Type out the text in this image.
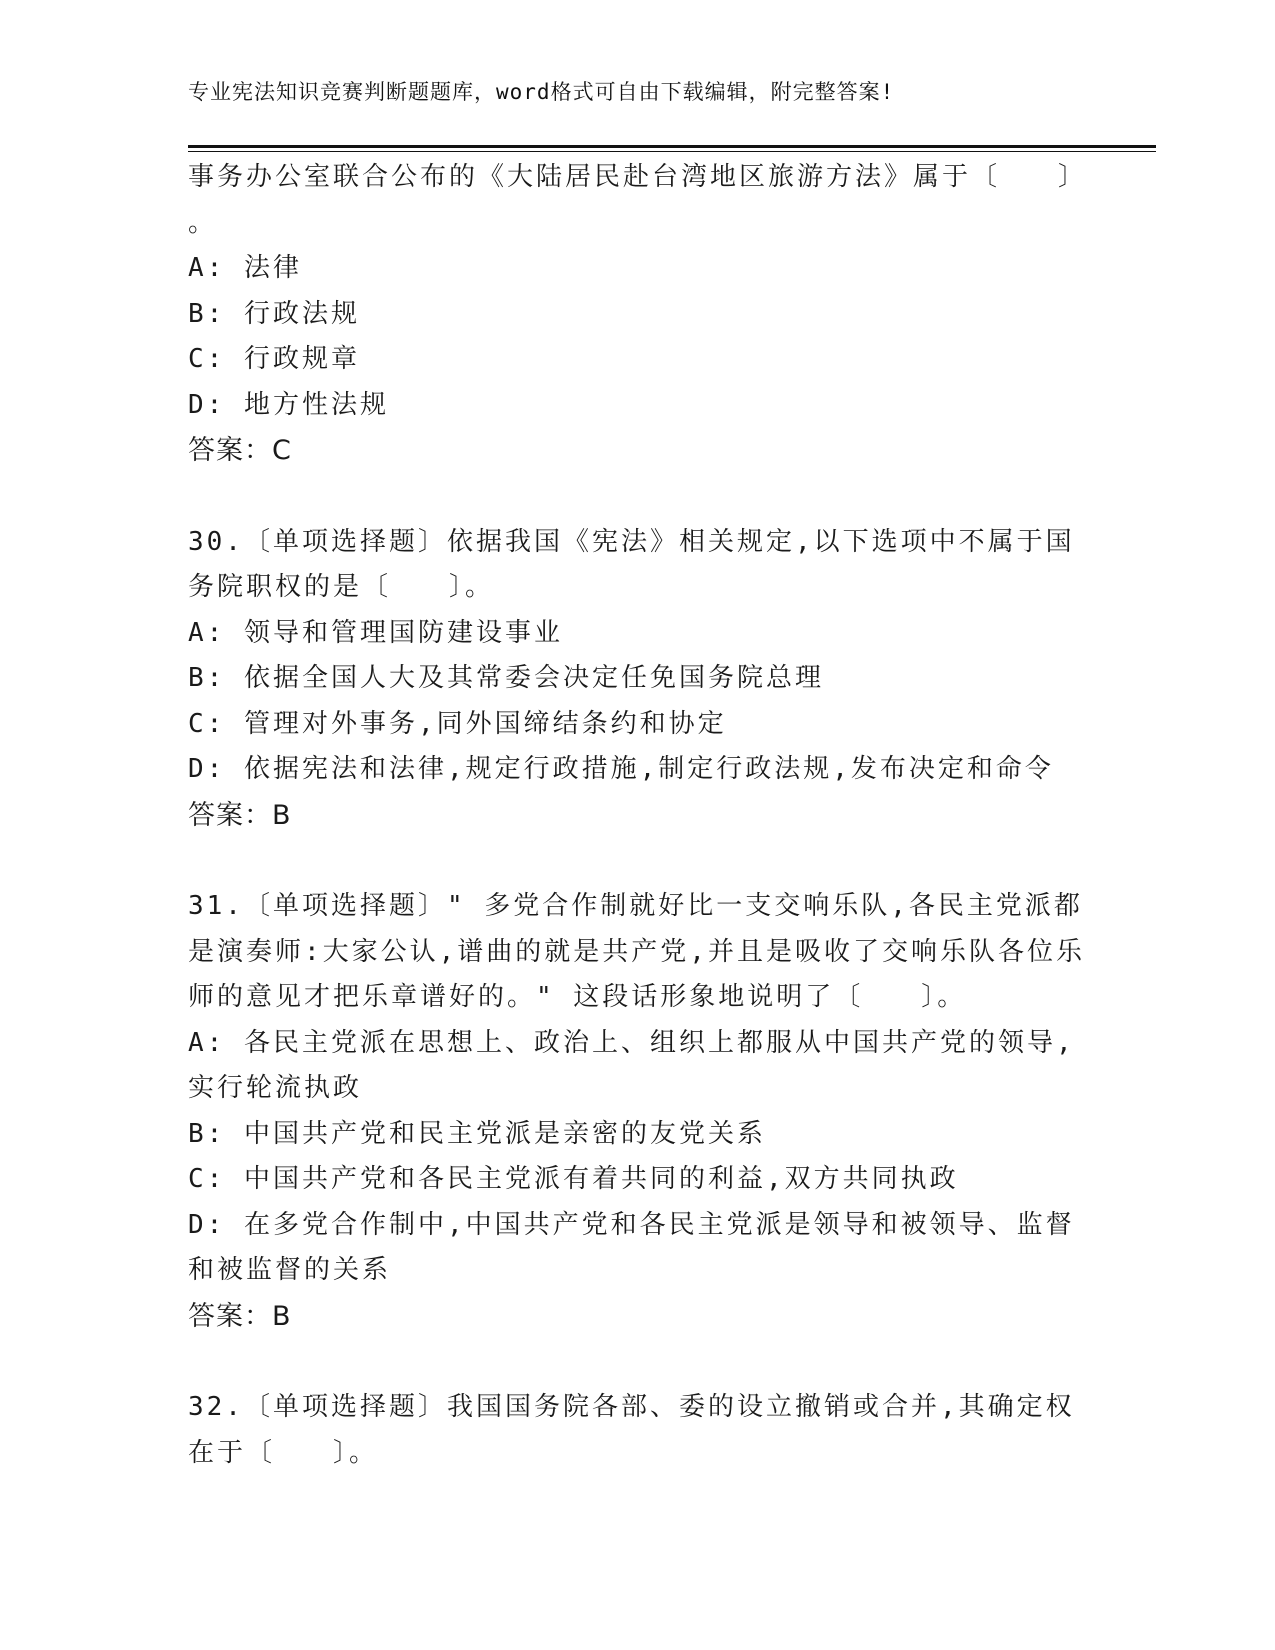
专业宪法知识竞赛判断题题库，word格式可自由下载编辑，附完整答案!
事务办公室联合公布的《大陆居民赴台湾地区旅游方法》属于〔　　〕
。
A: 法律
B: 行政法规
C: 行政规章
D: 地方性法规
答案：C
30.〔单项选择题〕依据我国《宪法》相关规定,以下选项中不属于国
务院职权的是〔　　〕。
A: 领导和管理国防建设事业
B: 依据全国人大及其常委会决定任免国务院总理
C: 管理对外事务,同外国缔结条约和协定
D: 依据宪法和法律,规定行政措施,制定行政法规,发布决定和命令
答案：B
31.〔单项选择题〕" 多党合作制就好比一支交响乐队,各民主党派都
是演奏师:大家公认,谱曲的就是共产党,并且是吸收了交响乐队各位乐
师的意见才把乐章谱好的。" 这段话形象地说明了〔　　〕。
A: 各民主党派在思想上、政治上、组织上都服从中国共产党的领导,
实行轮流执政
B: 中国共产党和民主党派是亲密的友党关系
C: 中国共产党和各民主党派有着共同的利益,双方共同执政
D: 在多党合作制中,中国共产党和各民主党派是领导和被领导、监督
和被监督的关系
答案：B
32.〔单项选择题〕我国国务院各部、委的设立撤销或合并,其确定权
在于〔　　〕。
